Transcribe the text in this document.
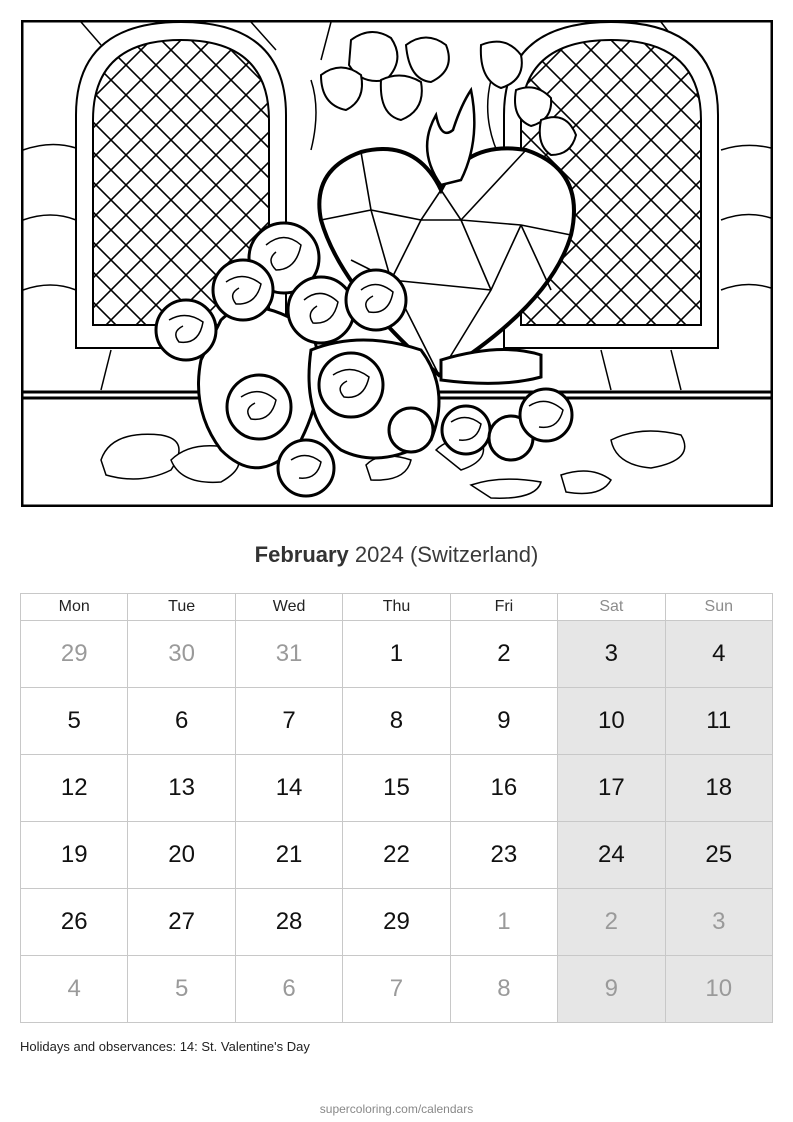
February 2024 (Switzerland)
Mon	Tue	Wed	Thu	Fri	Sat	Sun
29	30	31	1	2	3	4
5	6	7	8	9	10	11
12	13	14	15	16	17	18
19	20	21	22	23	24	25
26	27	28	29	1	2	3
4	5	6	7	8	9	10
Holidays and observances: 14: St. Valentine's Day
supercoloring.com/calendars
